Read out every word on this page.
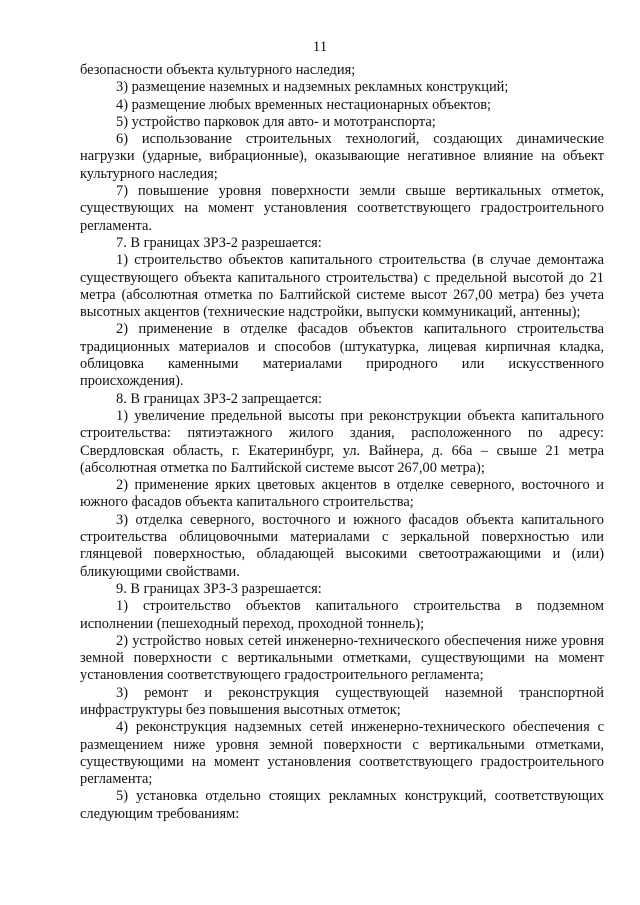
11

безопасности объекта культурного наследия;

3) размещение наземных и надземных рекламных конструкций;

4) размещение любых временных нестационарных объектов;

5) устройство парковок для авто- и мототранспорта;

6) использование строительных технологий, создающих динамические нагрузки (ударные, вибрационные), оказывающие негативное влияние на объект культурного наследия;

7) повышение уровня поверхности земли свыше вертикальных отметок, существующих на момент установления соответствующего градостроительного регламента.

7. В границах ЗРЗ-2 разрешается:

1) строительство объектов капитального строительства (в случае демонтажа существующего объекта капитального строительства) с предельной высотой до 21 метра (абсолютная отметка по Балтийской системе высот 267,00 метра) без учета высотных акцентов (технические надстройки, выпуски коммуникаций, антенны);

2) применение в отделке фасадов объектов капитального строительства традиционных материалов и способов (штукатурка, лицевая кирпичная кладка, облицовка каменными материалами природного или искусственного происхождения).

8. В границах ЗРЗ-2 запрещается:

1) увеличение предельной высоты при реконструкции объекта капитального строительства: пятиэтажного жилого здания, расположенного по адресу: Свердловская область, г. Екатеринбург, ул. Вайнера, д. 66а – свыше 21 метра (абсолютная отметка по Балтийской системе высот 267,00 метра);

2) применение ярких цветовых акцентов в отделке северного, восточного и южного фасадов объекта капитального строительства;

3) отделка северного, восточного и южного фасадов объекта капитального строительства облицовочными материалами с зеркальной поверхностью или глянцевой поверхностью, обладающей высокими светоотражающими и (или) бликующими свойствами.

9. В границах ЗРЗ-3 разрешается:

1) строительство объектов капитального строительства в подземном исполнении (пешеходный переход, проходной тоннель);

2) устройство новых сетей инженерно-технического обеспечения ниже уровня земной поверхности с вертикальными отметками, существующими на момент установления соответствующего градостроительного регламента;

3) ремонт и реконструкция существующей наземной транспортной инфраструктуры без повышения высотных отметок;

4) реконструкция надземных сетей инженерно-технического обеспечения с размещением ниже уровня земной поверхности с вертикальными отметками, существующими на момент установления соответствующего градостроительного регламента;

5) установка отдельно стоящих рекламных конструкций, соответствующих следующим требованиям:
